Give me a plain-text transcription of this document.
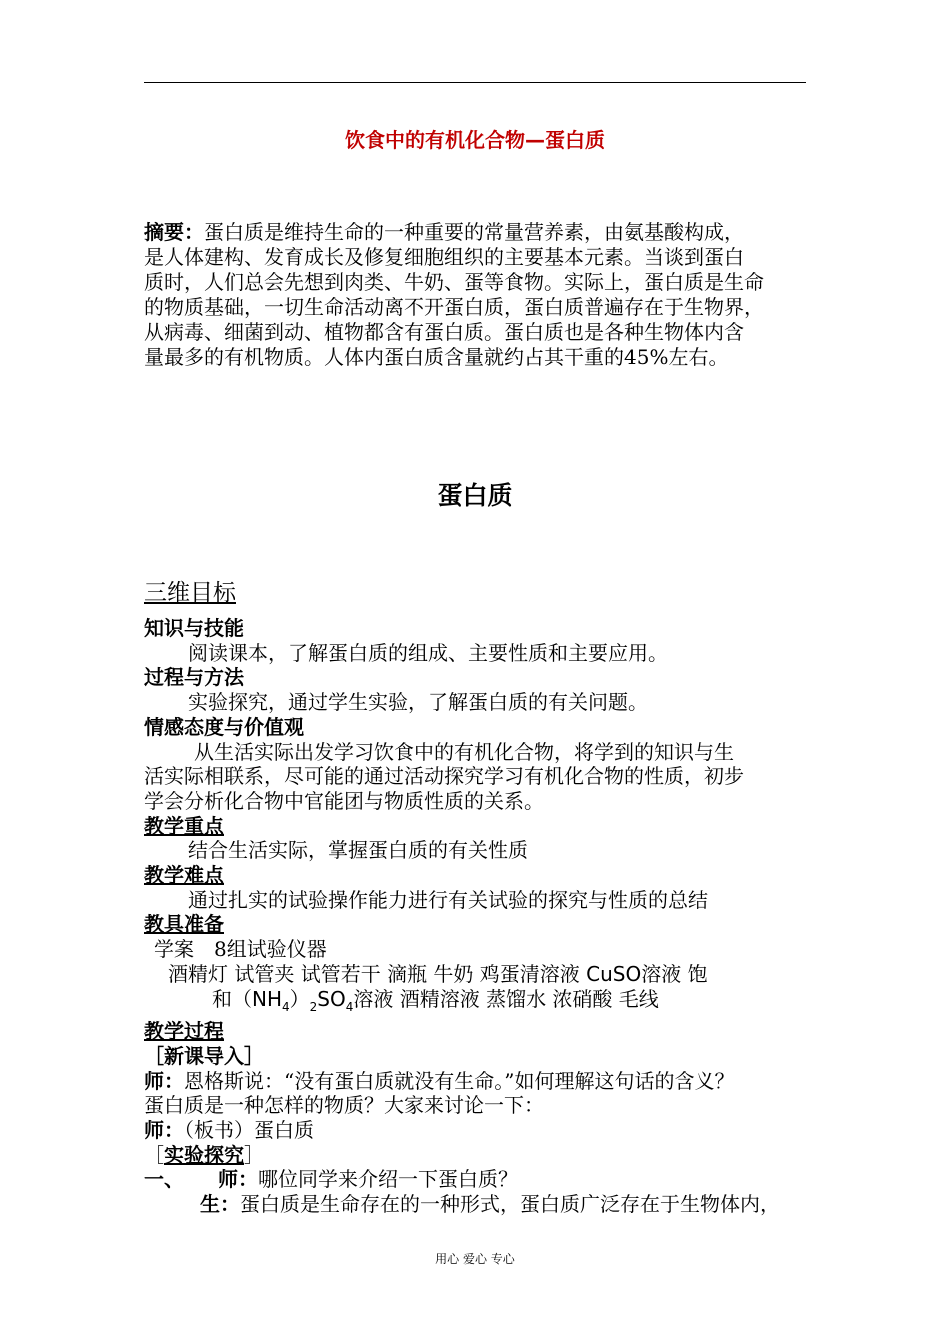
饮食中的有机化合物—蛋白质
摘要：蛋白质是维持生命的一种重要的常量营养素，由氨基酸构成，
是人体建构、发育成长及修复细胞组织的主要基本元素。当谈到蛋白
质时，人们总会先想到肉类、牛奶、蛋等食物。实际上，蛋白质是生命
的物质基础，一切生命活动离不开蛋白质，蛋白质普遍存在于生物界，
从病毒、细菌到动、植物都含有蛋白质。蛋白质也是各种生物体内含
量最多的有机物质。人体内蛋白质含量就约占其干重的45%左右。
蛋白质
三维目标
知识与技能
阅读课本，了解蛋白质的组成、主要性质和主要应用。
过程与方法
实验探究，通过学生实验，了解蛋白质的有关问题。
情感态度与价值观
从生活实际出发学习饮食中的有机化合物，将学到的知识与生
活实际相联系，尽可能的通过活动探究学习有机化合物的性质，初步
学会分析化合物中官能团与物质性质的关系。
教学重点
结合生活实际，掌握蛋白质的有关性质
教学难点
通过扎实的试验操作能力进行有关试验的探究与性质的总结
教具准备
学案　8组试验仪器
酒精灯 试管夹 试管若干 滴瓶 牛奶 鸡蛋清溶液 CuSO溶液 饱
和$(NH_4)_2SO_4$溶液 酒精溶液 蒸馏水 浓硝酸 毛线
教学过程
［新课导入］
师：恩格斯说：“没有蛋白质就没有生命。”如何理解这句话的含义？
蛋白质是一种怎样的物质？大家来讨论一下：
师：（板书）蛋白质
［实验探究］
一、 师：哪位同学来介绍一下蛋白质？
生：蛋白质是生命存在的一种形式，蛋白质广泛存在于生物体内，
用心 爱心 专心
